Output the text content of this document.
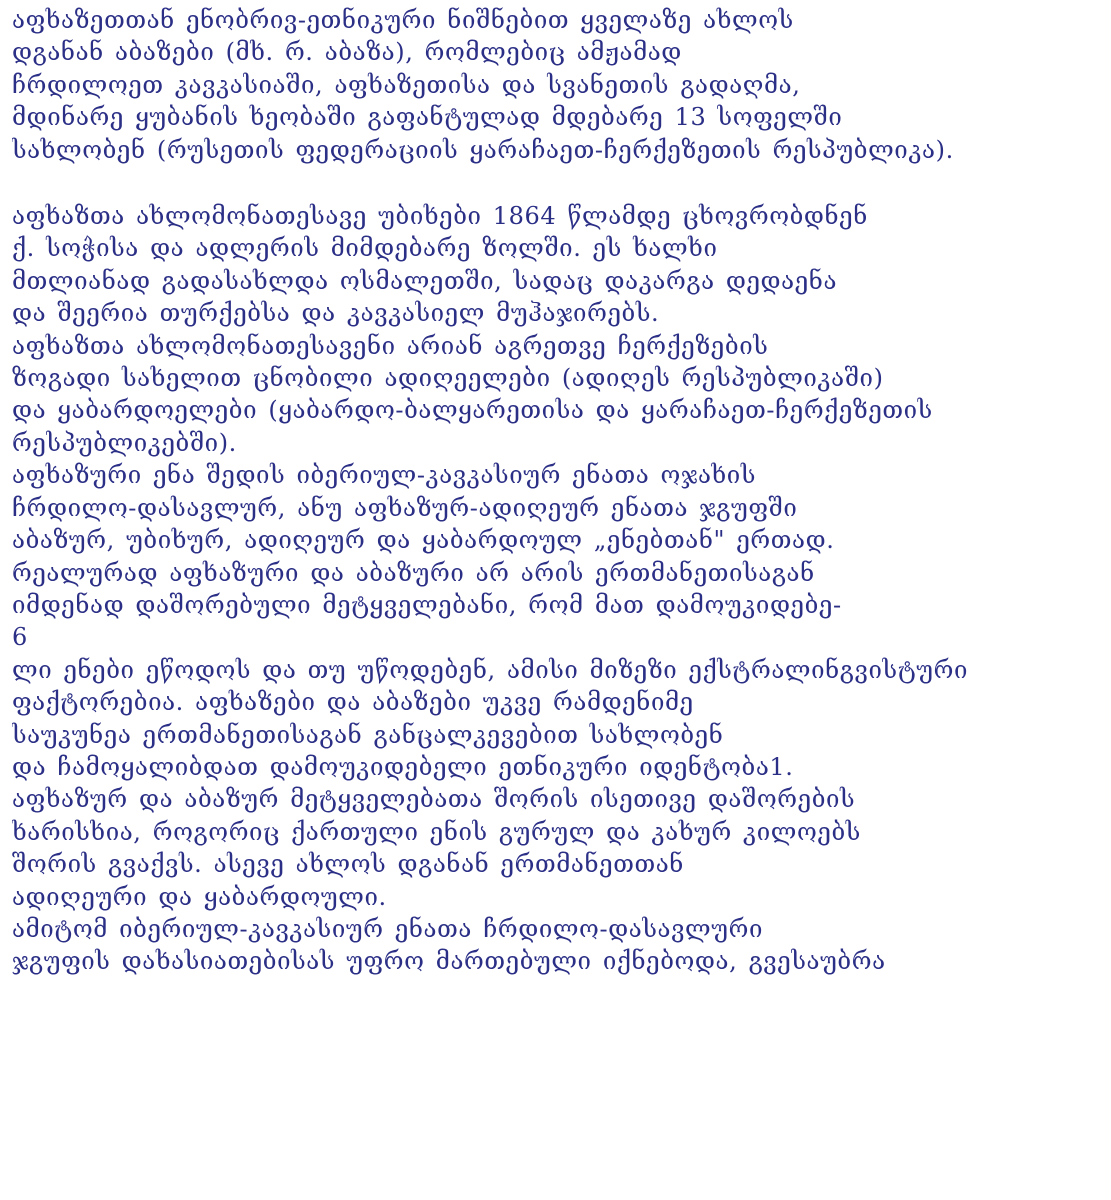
აფხაზეთთან ენობრივ-ეთნიკური ნიშნებით ყველაზე ახლოს
დგანან აბაზები (მხ. რ. აბაზა), რომლებიც ამჟამად
ჩრდილოეთ კავკასიაში, აფხაზეთისა და სვანეთის გადაღმა,
მდინარე ყუბანის ხეობაში გაფანტულად მდებარე 13 სოფელში
სახლობენ (რუსეთის ფედერაციის ყარაჩაეთ-ჩერქეზეთის რესპუბლიკა).
აფხაზთა ახლომონათესავე უბიხები 1864 წლამდე ცხოვრობდნენ
ქ. სოჭისა და ადლერის მიმდებარე ზოლში. ეს ხალხი
მთლიანად გადასახლდა ოსმალეთში, სადაც დაკარგა დედაენა
და შეერია თურქებსა და კავკასიელ მუჰაჯირებს.
აფხაზთა ახლომონათესავენი არიან აგრეთვე ჩერქეზების
ზოგადი სახელით ცნობილი ადიღეელები (ადიღეს რესპუბლიკაში)
და ყაბარდოელები (ყაბარდო-ბალყარეთისა და ყარაჩაეთ-ჩერქეზეთის
რესპუბლიკებში).
აფხაზური ენა შედის იბერიულ-კავკასიურ ენათა ოჯახის
ჩრდილო-დასავლურ, ანუ აფხაზურ-ადიღეურ ენათა ჯგუფში
აბაზურ, უბიხურ, ადიღეურ და ყაბარდოულ „ენებთან" ერთად.
რეალურად აფხაზური და აბაზური არ არის ერთმანეთისაგან
იმდენად დაშორებული მეტყველებანი, რომ მათ დამოუკიდებე-
6
ლი ენები ეწოდოს და თუ უწოდებენ, ამისი მიზეზი ექსტრალინგვისტური
ფაქტორებია. აფხაზები და აბაზები უკვე რამდენიმე
საუკუნეა ერთმანეთისაგან განცალკევებით სახლობენ
და ჩამოყალიბდათ დამოუკიდებელი ეთნიკური იდენტობა1.
აფხაზურ და აბაზურ მეტყველებათა შორის ისეთივე დაშორების
ხარისხია, როგორიც ქართული ენის გურულ და კახურ კილოებს
შორის გვაქვს. ასევე ახლოს დგანან ერთმანეთთან
ადიღეური და ყაბარდოული.
ამიტომ იბერიულ-კავკასიურ ენათა ჩრდილო-დასავლური
ჯგუფის დახასიათებისას უფრო მართებული იქნებოდა, გვესაუბრა
